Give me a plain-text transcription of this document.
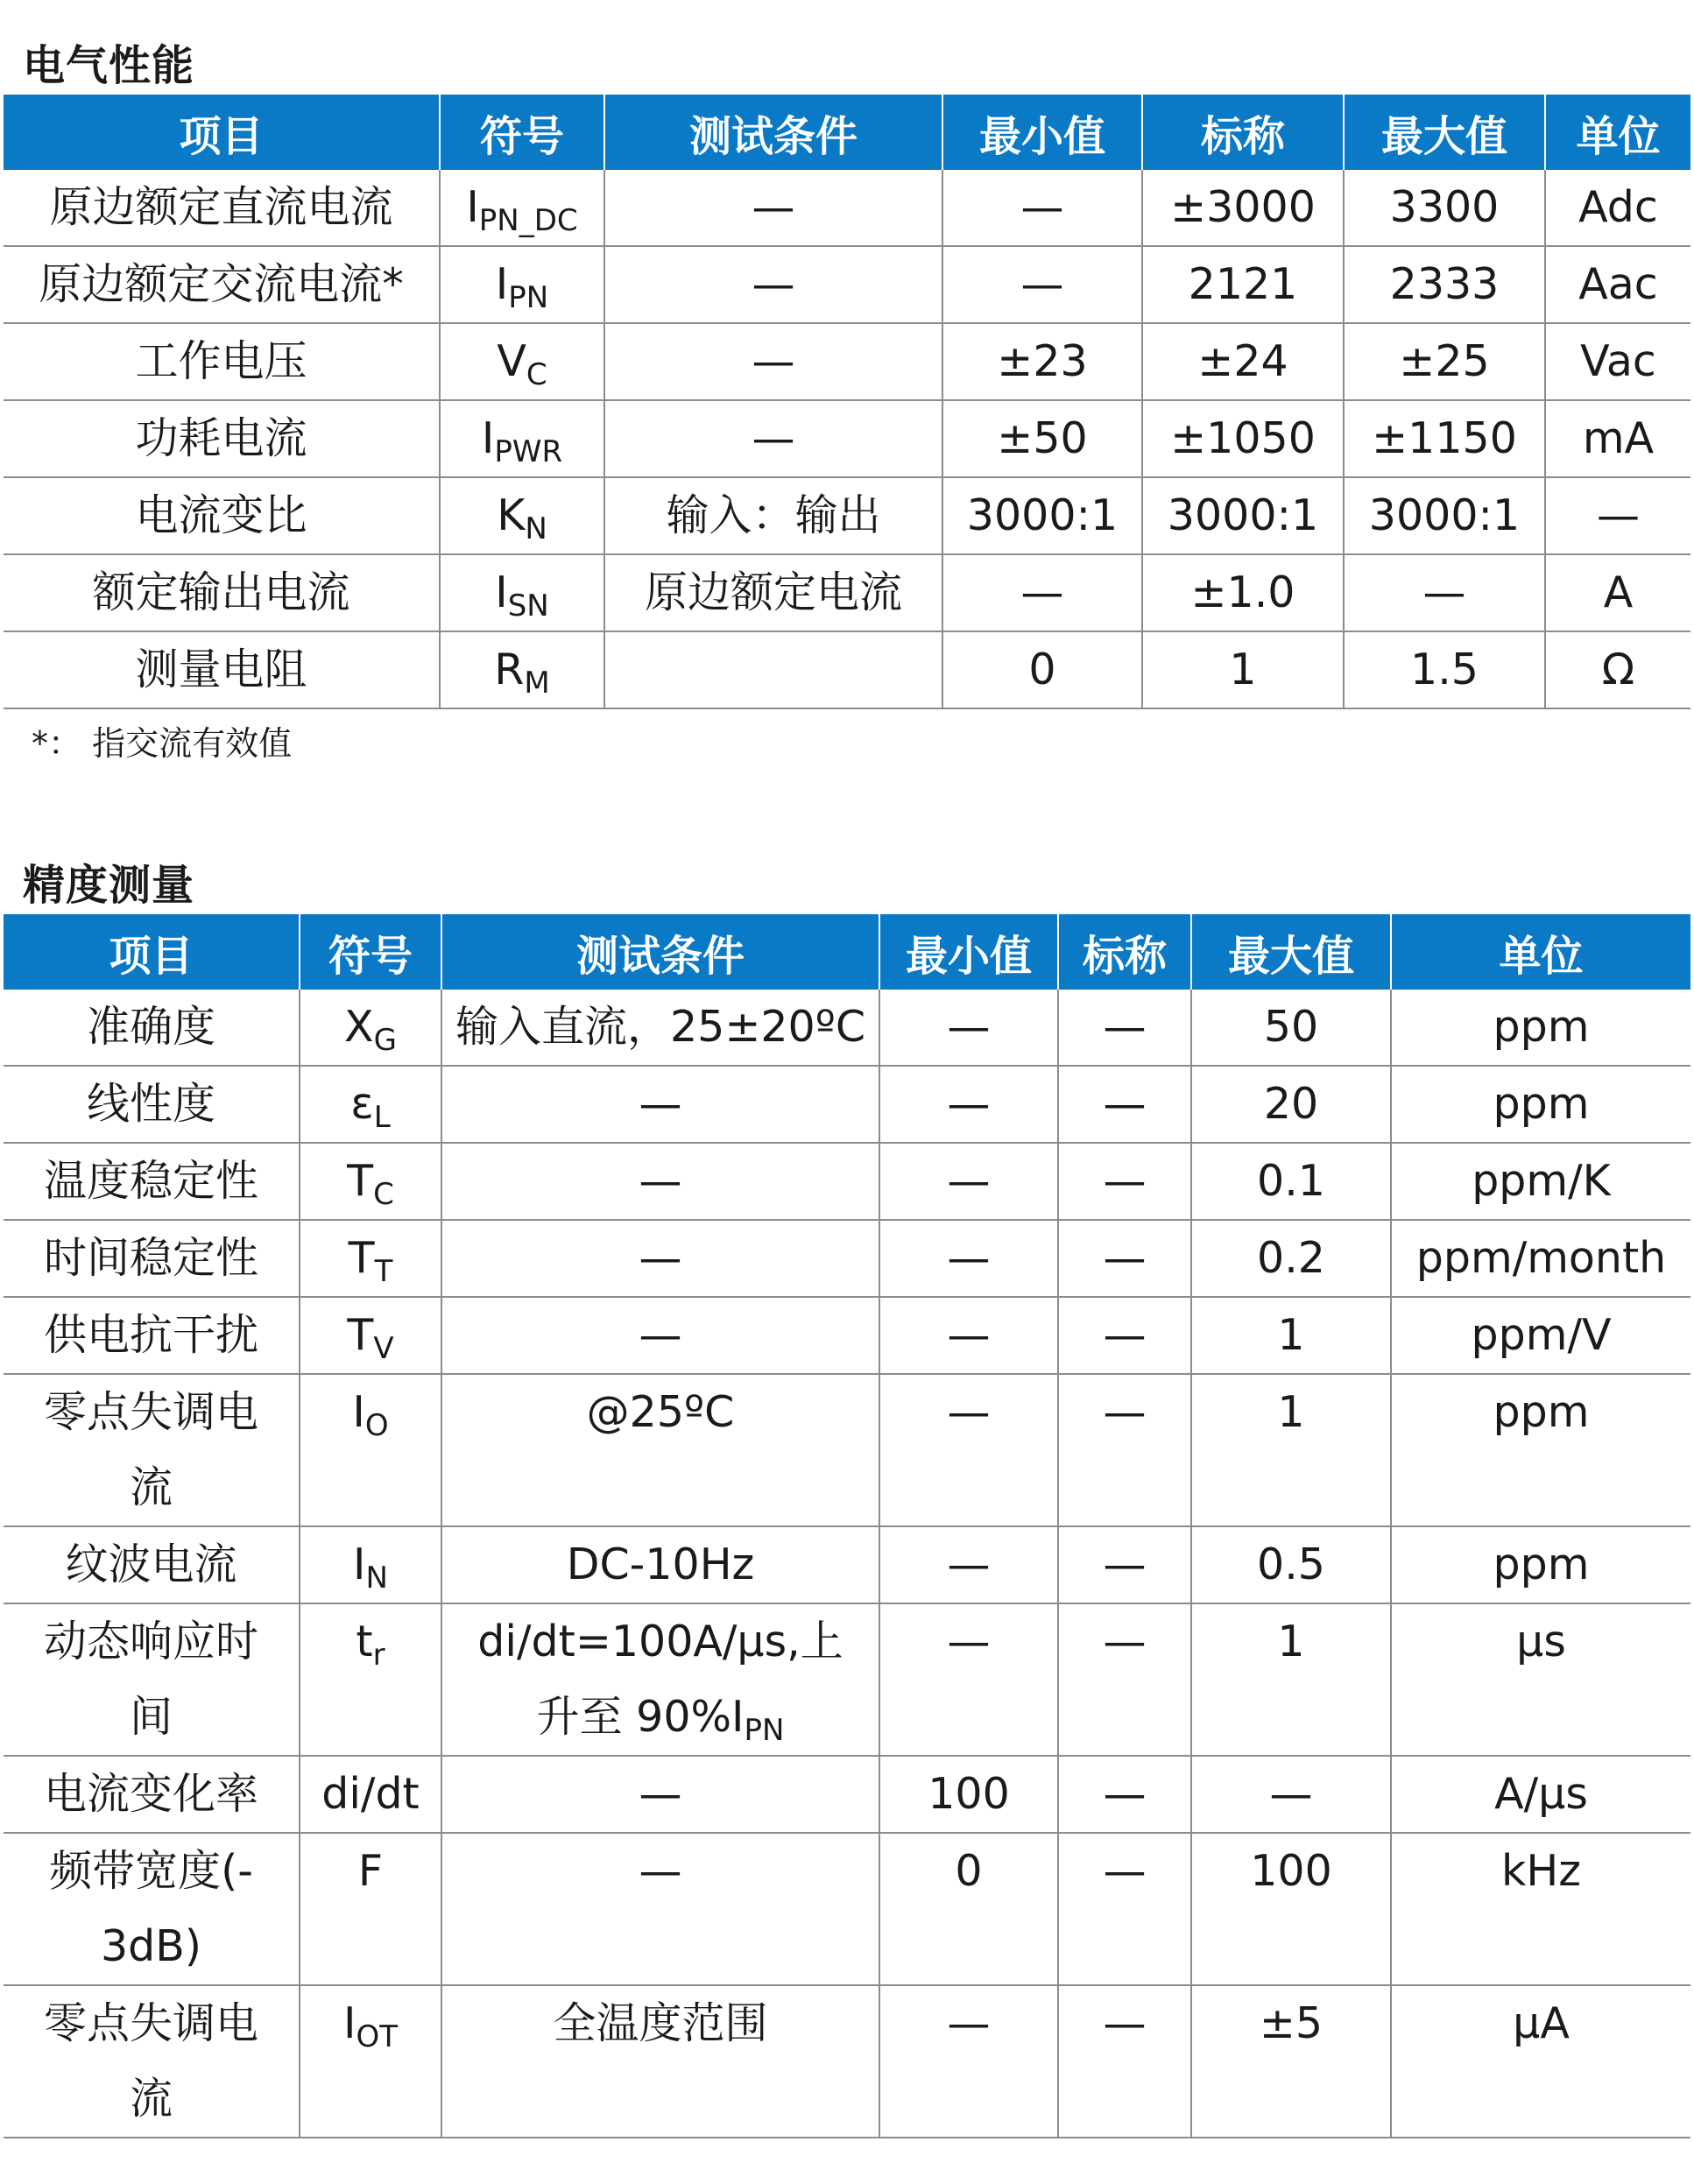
电气性能
项目	符号	测试条件	最小值	标称	最大值	单位
原边额定直流电流	$I_{PN\_DC}$	—	—	±3000	3300	Adc
原边额定交流电流*	$I_{PN}$	—	—	2121	2333	Aac
工作电压	$V_C$	—	±23	±24	±25	Vac
功耗电流	$I_{PWR}$	—	±50	±1050	±1150	mA
电流变比	$K_N$	输入：输出	3000:1	3000:1	3000:1	—
额定输出电流	$I_{SN}$	原边额定电流	—	±1.0	—	A
测量电阻	$R_M$		0	1	1.5	Ω
*： 指交流有效值
精度测量
项目	符号	测试条件	最小值	标称	最大值	单位
准确度	$X_G$	输入直流，25±20ºC	—	—	50	ppm
线性度	$\varepsilon_L$	—	—	—	20	ppm
温度稳定性	$T_C$	—	—	—	0.1	ppm/K
时间稳定性	$T_T$	—	—	—	0.2	ppm/month
供电抗干扰	$T_V$	—	—	—	1	ppm/V
零点失调电流	$I_O$	@25ºC	—	—	1	ppm
纹波电流	$I_N$	DC-10Hz	—	—	0.5	ppm
动态响应时间	$t_r$	di/dt=100A/μs,上升至 $90\%I_{PN}$	—	—	1	μs
电流变化率	di/dt	—	100	—	—	A/μs
频带宽度(-3dB)	F	—	0	—	100	kHz
零点失调电流	$I_{OT}$	全温度范围	—	—	±5	μA
